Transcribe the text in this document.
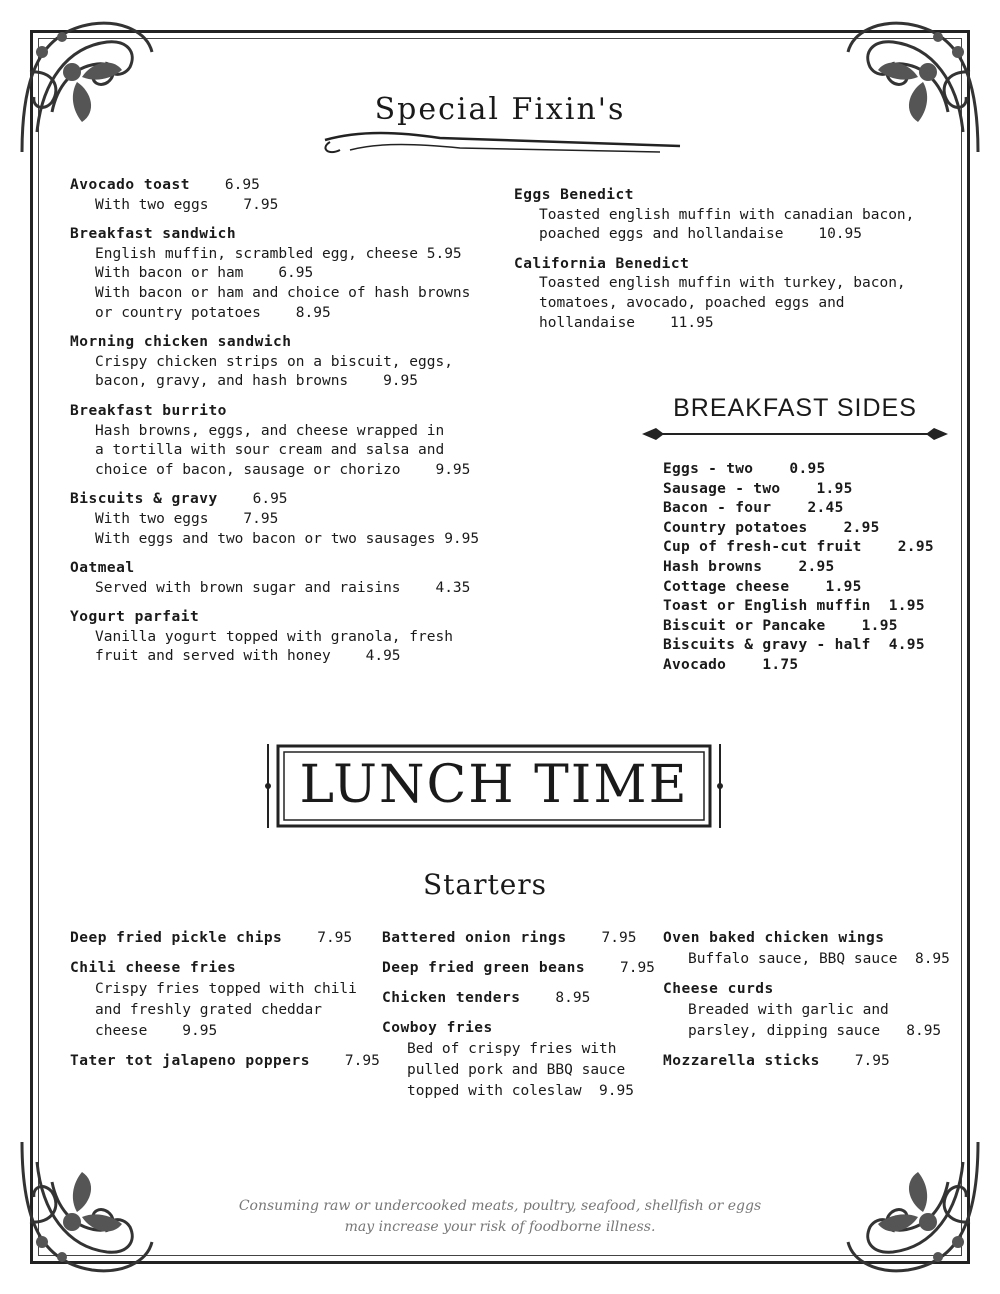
Special Fixin's
Avocado toast 6.95
With two eggs    7.95
Breakfast sandwich
English muffin, scrambled egg, cheese 5.95
With bacon or ham    6.95
With bacon or ham and choice of hash browns
or country potatoes    8.95
Morning chicken sandwich
Crispy chicken strips on a biscuit, eggs,
bacon, gravy, and hash browns    9.95
Breakfast burrito
Hash browns, eggs, and cheese wrapped in
a tortilla with sour cream and salsa and
choice of bacon, sausage or chorizo    9.95
Biscuits & gravy 6.95
With two eggs    7.95
With eggs and two bacon or two sausages 9.95
Oatmeal
Served with brown sugar and raisins    4.35
Yogurt parfait
Vanilla yogurt topped with granola, fresh
fruit and served with honey    4.95
Eggs Benedict
Toasted english muffin with canadian bacon,
poached eggs and hollandaise    10.95
California Benedict
Toasted english muffin with turkey, bacon,
tomatoes, avocado, poached eggs and
hollandaise    11.95
BREAKFAST SIDES
Eggs - two    0.95
Sausage - two    1.95
Bacon - four    2.45
Country potatoes    2.95
Cup of fresh-cut fruit    2.95
Hash browns    2.95
Cottage cheese    1.95
Toast or English muffin  1.95
Biscuit or Pancake    1.95
Biscuits & gravy - half  4.95
Avocado    1.75
LUNCH TIME
Starters
Deep fried pickle chips 7.95
Chili cheese fries
Crispy fries topped with chili
and freshly grated cheddar
cheese    9.95
Tater tot jalapeno poppers 7.95
Battered onion rings 7.95
Deep fried green beans 7.95
Chicken tenders 8.95
Cowboy fries
Bed of crispy fries with
pulled pork and BBQ sauce
topped with coleslaw  9.95
Oven baked chicken wings
Buffalo sauce, BBQ sauce  8.95
Cheese curds
Breaded with garlic and
parsley, dipping sauce   8.95
Mozzarella sticks 7.95
Consuming raw or undercooked meats, poultry, seafood, shellfish or eggs
may increase your risk of foodborne illness.
